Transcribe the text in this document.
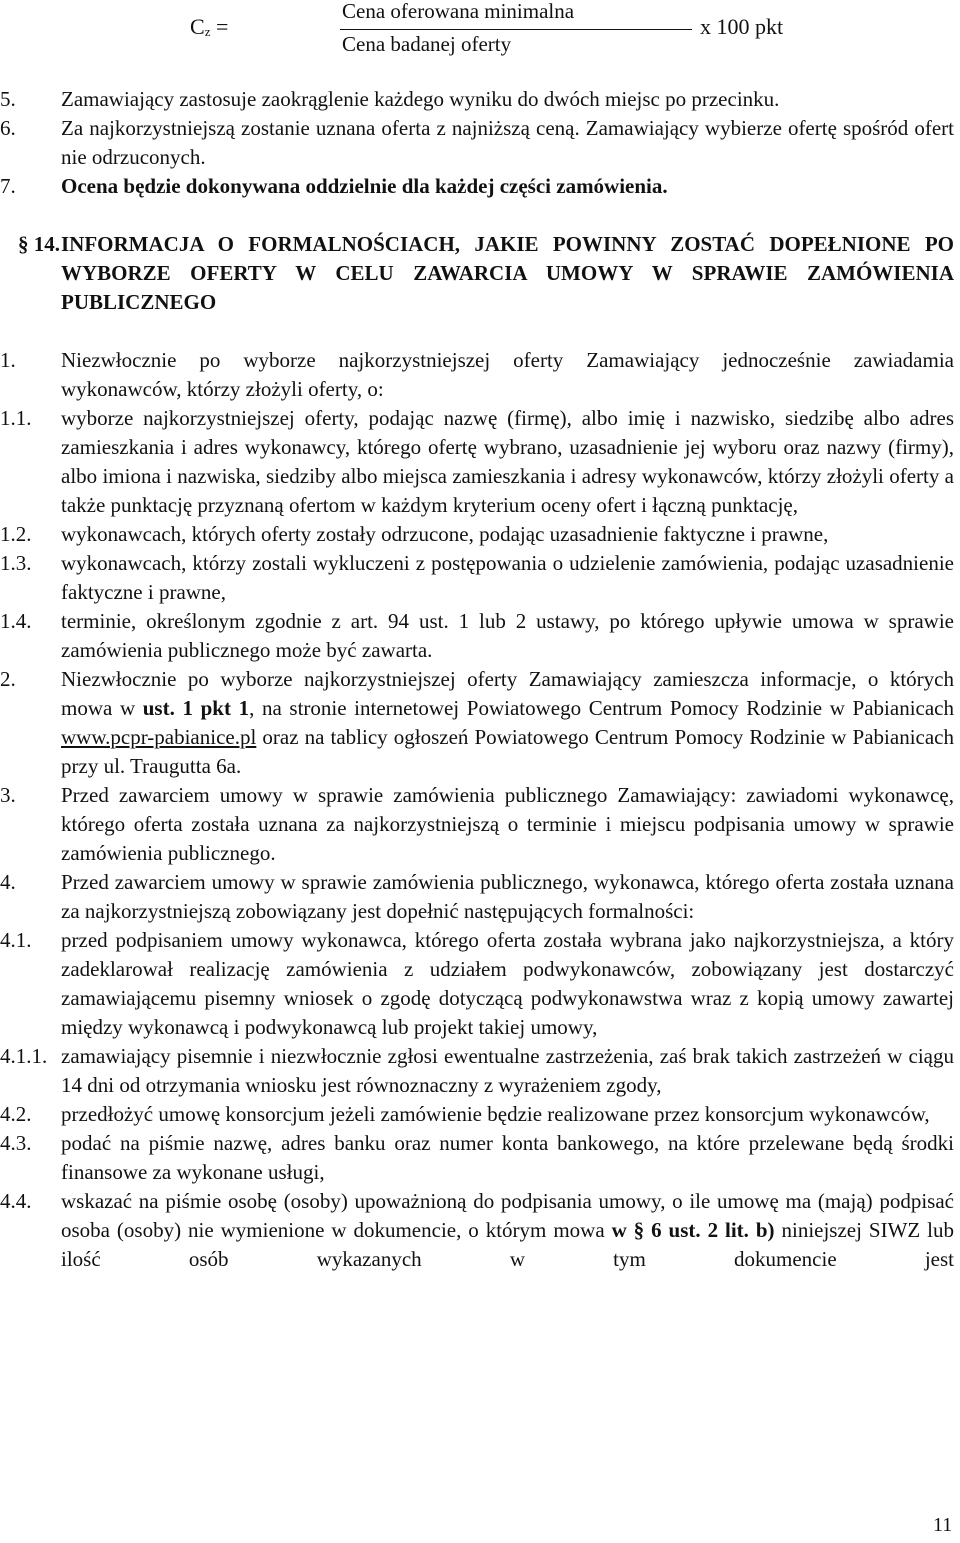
$C_z$ =
Cena oferowana minimalna
Cena badanej oferty
x 100 pkt
5. Zamawiający zastosuje zaokrąglenie każdego wyniku do dwóch miejsc po przecinku.
6. Za najkorzystniejszą zostanie uznana oferta z najniższą ceną. Zamawiający wybierze ofertę spośród ofert nie odrzuconych.
7. Ocena będzie dokonywana oddzielnie dla każdej części zamówienia.
§ 14. INFORMACJA O FORMALNOŚCIACH, JAKIE POWINNY ZOSTAĆ DOPEŁNIONE PO WYBORZE OFERTY W CELU ZAWARCIA UMOWY W SPRAWIE ZAMÓWIENIA PUBLICZNEGO
1. Niezwłocznie po wyborze najkorzystniejszej oferty Zamawiający jednocześnie zawiadamia wykonawców, którzy złożyli oferty, o:
1.1. wyborze najkorzystniejszej oferty, podając nazwę (firmę), albo imię i nazwisko, siedzibę albo adres zamieszkania i adres wykonawcy, którego ofertę wybrano, uzasadnienie jej wyboru oraz nazwy (firmy), albo imiona i nazwiska, siedziby albo miejsca zamieszkania i adresy wykonawców, którzy złożyli oferty a także punktację przyznaną ofertom w każdym kryterium oceny ofert i łączną punktację,
1.2. wykonawcach, których oferty zostały odrzucone, podając uzasadnienie faktyczne i prawne,
1.3. wykonawcach, którzy zostali wykluczeni z postępowania o udzielenie zamówienia, podając uzasadnienie faktyczne i prawne,
1.4. terminie, określonym zgodnie z art. 94 ust. 1 lub 2 ustawy, po którego upływie umowa w sprawie zamówienia publicznego może być zawarta.
2. Niezwłocznie po wyborze najkorzystniejszej oferty Zamawiający zamieszcza informacje, o których mowa w ust. 1 pkt 1, na stronie internetowej Powiatowego Centrum Pomocy Rodzinie w Pabianicach www.pcpr-pabianice.pl oraz na tablicy ogłoszeń Powiatowego Centrum Pomocy Rodzinie w Pabianicach przy ul. Traugutta 6a.
3. Przed zawarciem umowy w sprawie zamówienia publicznego Zamawiający: zawiadomi wykonawcę, którego oferta została uznana za najkorzystniejszą o terminie i miejscu podpisania umowy w sprawie zamówienia publicznego.
4. Przed zawarciem umowy w sprawie zamówienia publicznego, wykonawca, którego oferta została uznana za najkorzystniejszą zobowiązany jest dopełnić następujących formalności:
4.1. przed podpisaniem umowy wykonawca, którego oferta została wybrana jako najkorzystniejsza, a który zadeklarował realizację zamówienia z udziałem podwykonawców, zobowiązany jest dostarczyć zamawiającemu pisemny wniosek o zgodę dotyczącą podwykonawstwa wraz z kopią umowy zawartej między wykonawcą i podwykonawcą lub projekt takiej umowy,
4.1.1. zamawiający pisemnie i niezwłocznie zgłosi ewentualne zastrzeżenia, zaś brak takich zastrzeżeń w ciągu 14 dni od otrzymania wniosku jest równoznaczny z wyrażeniem zgody,
4.2. przedłożyć umowę konsorcjum jeżeli zamówienie będzie realizowane przez konsorcjum wykonawców,
4.3. podać na piśmie nazwę, adres banku oraz numer konta bankowego, na które przelewane będą środki finansowe za wykonane usługi,
4.4. wskazać na piśmie osobę (osoby) upoważnioną do podpisania umowy, o ile umowę ma (mają) podpisać osoba (osoby) nie wymienione w dokumencie, o którym mowa w § 6 ust. 2 lit. b) niniejszej SIWZ lub ilość osób wykazanych w tym dokumencie jest
11
